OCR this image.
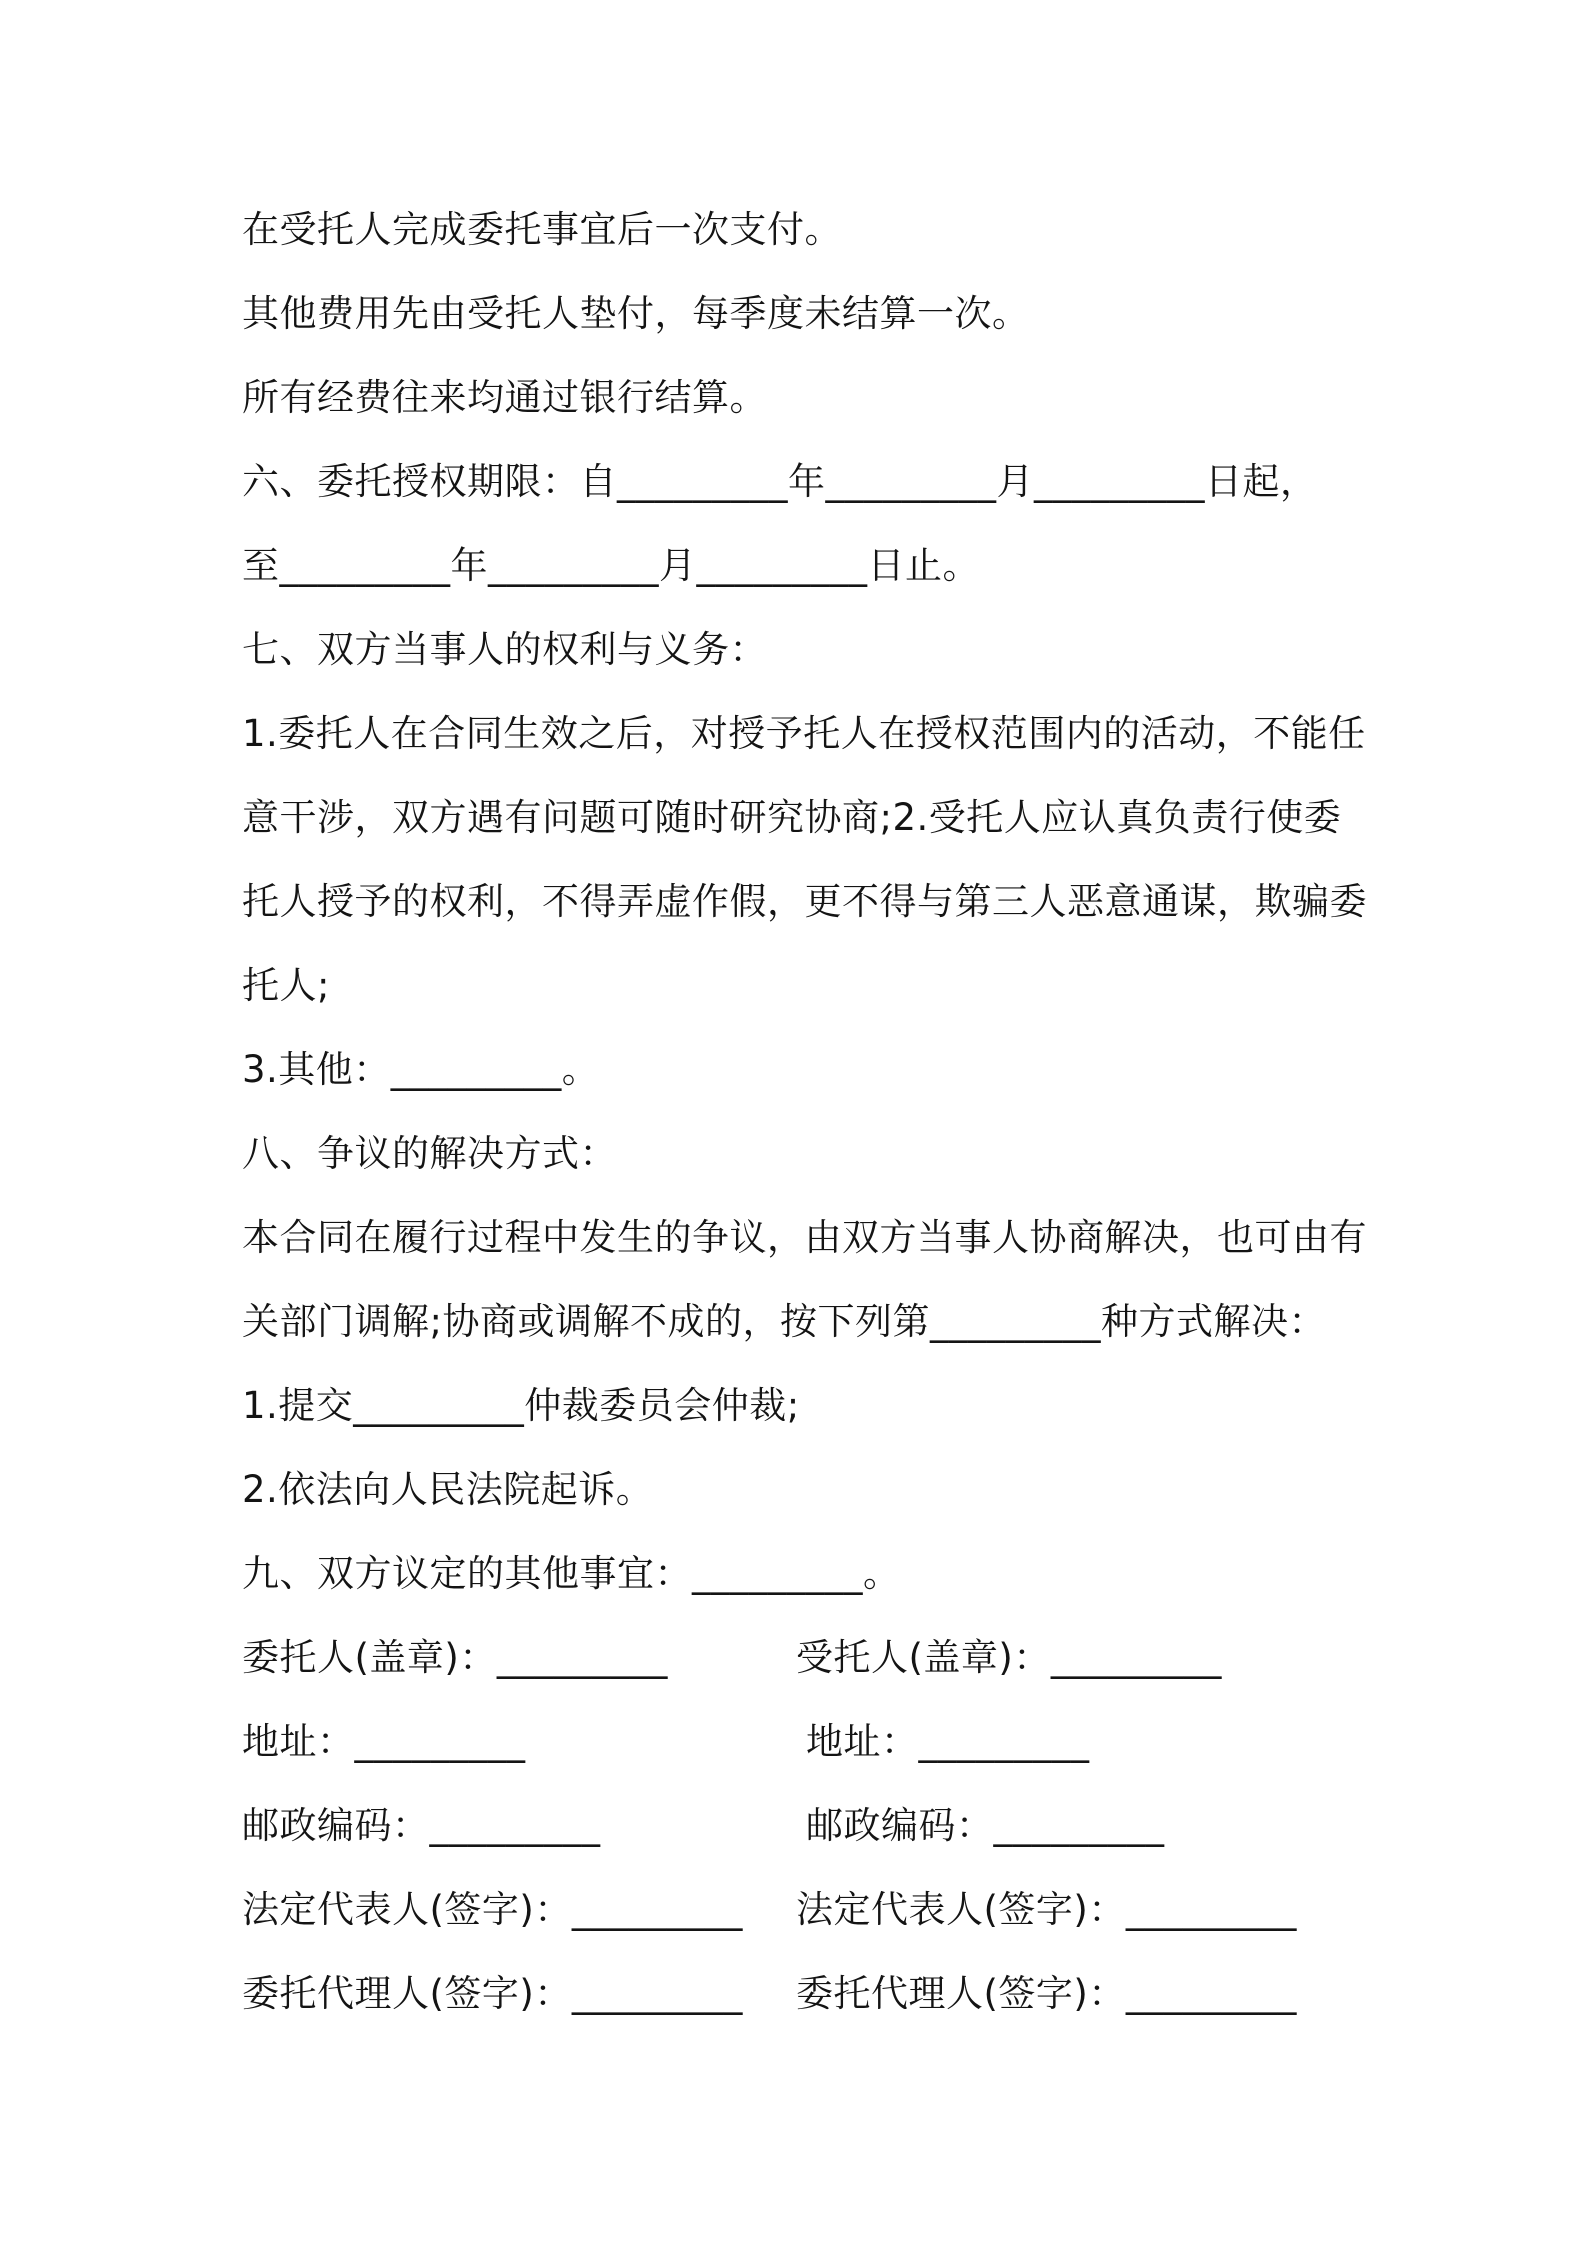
在受托人完成委托事宜后一次支付。
其他费用先由受托人垫付，每季度未结算一次。
所有经费往来均通过银行结算。
六、委托授权期限：自_________年_________月_________日起，
至_________年_________月_________日止。
七、双方当事人的权利与义务：
1.委托人在合同生效之后，对授予托人在授权范围内的活动，不能任
意干涉，双方遇有问题可随时研究协商;2.受托人应认真负责行使委
托人授予的权利，不得弄虚作假，更不得与第三人恶意通谋，欺骗委
托人;
3.其他：_________。
八、争议的解决方式：
本合同在履行过程中发生的争议，由双方当事人协商解决，也可由有
关部门调解;协商或调解不成的，按下列第_________种方式解决：
1.提交_________仲裁委员会仲裁;
2.依法向人民法院起诉。
九、双方议定的其他事宜：_________。
委托人(盖章)：_________
地址：_________
邮政编码：_________
法定代表人(签字)：_________
委托代理人(签字)：_________
受托人(盖章)：_________
地址：_________
邮政编码：_________
法定代表人(签字)：_________
委托代理人(签字)：_________
